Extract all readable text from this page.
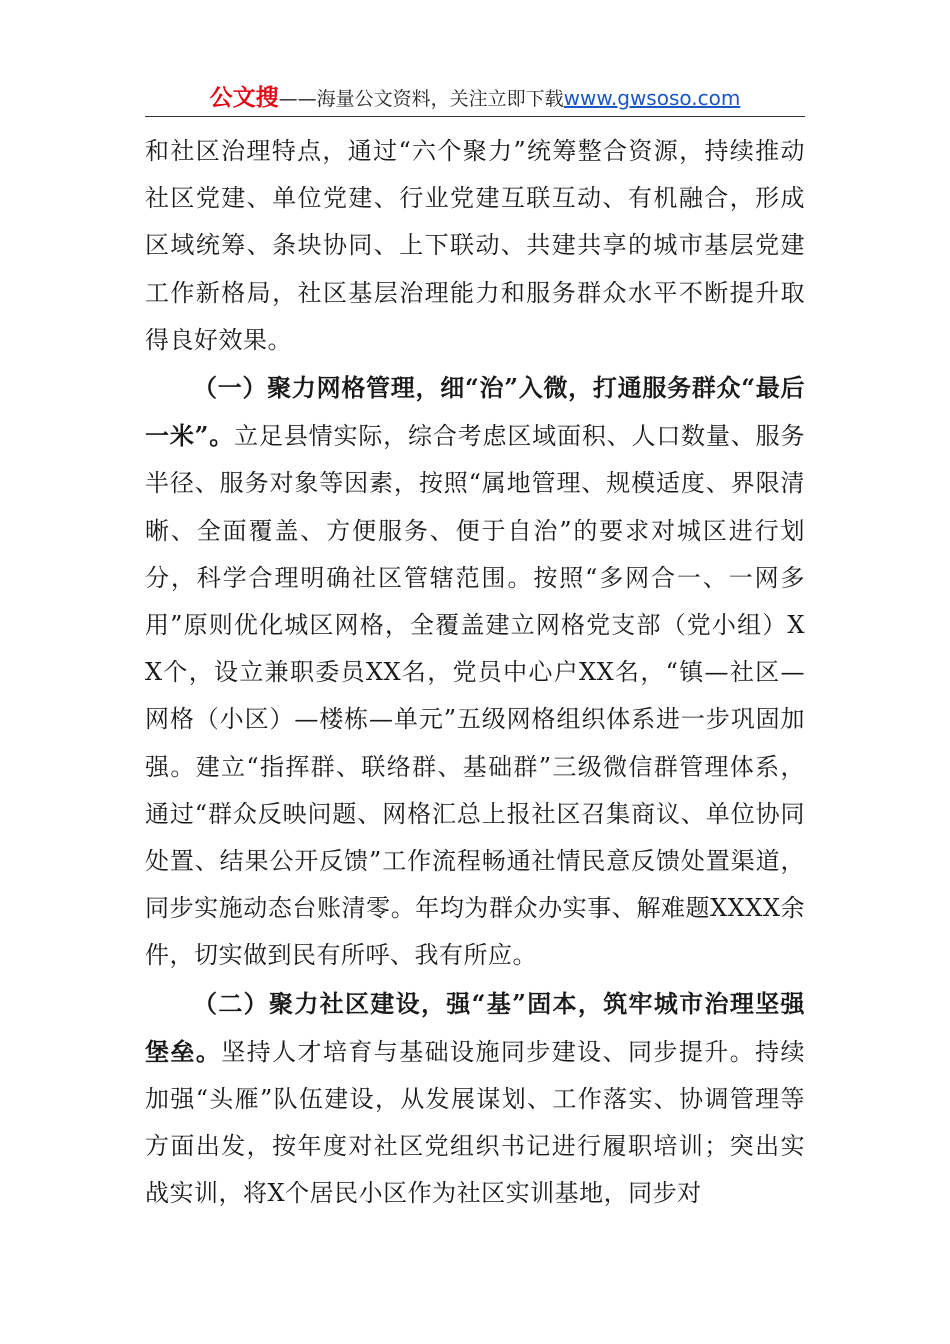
公文搜——海量公文资料，关注立即下载www.gwsoso.com

和社区治理特点，通过“六个聚力”统筹整合资源，持续推动社区党建、单位党建、行业党建互联互动、有机融合，形成区域统筹、条块协同、上下联动、共建共享的城市基层党建工作新格局，社区基层治理能力和服务群众水平不断提升取得良好效果。

（一）聚力网格管理，细“治”入微，打通服务群众“最后一米”。立足县情实际，综合考虑区域面积、人口数量、服务半径、服务对象等因素，按照“属地管理、规模适度、界限清晰、全面覆盖、方便服务、便于自治”的要求对城区进行划分，科学合理明确社区管辖范围。按照“多网合一、一网多用”原则优化城区网格，全覆盖建立网格党支部（党小组）XX个，设立兼职委员XX名，党员中心户XX名，“镇—社区—网格（小区）—楼栋—单元”五级网格组织体系进一步巩固加强。建立“指挥群、联络群、基础群”三级微信群管理体系，通过“群众反映问题、网格汇总上报社区召集商议、单位协同处置、结果公开反馈”工作流程畅通社情民意反馈处置渠道，同步实施动态台账清零。年均为群众办实事、解难题XXXX余件，切实做到民有所呼、我有所应。

（二）聚力社区建设，强“基”固本，筑牢城市治理坚强堡垒。坚持人才培育与基础设施同步建设、同步提升。持续加强“头雁”队伍建设，从发展谋划、工作落实、协调管理等方面出发，按年度对社区党组织书记进行履职培训；突出实战实训，将X个居民小区作为社区实训基地，同步对
